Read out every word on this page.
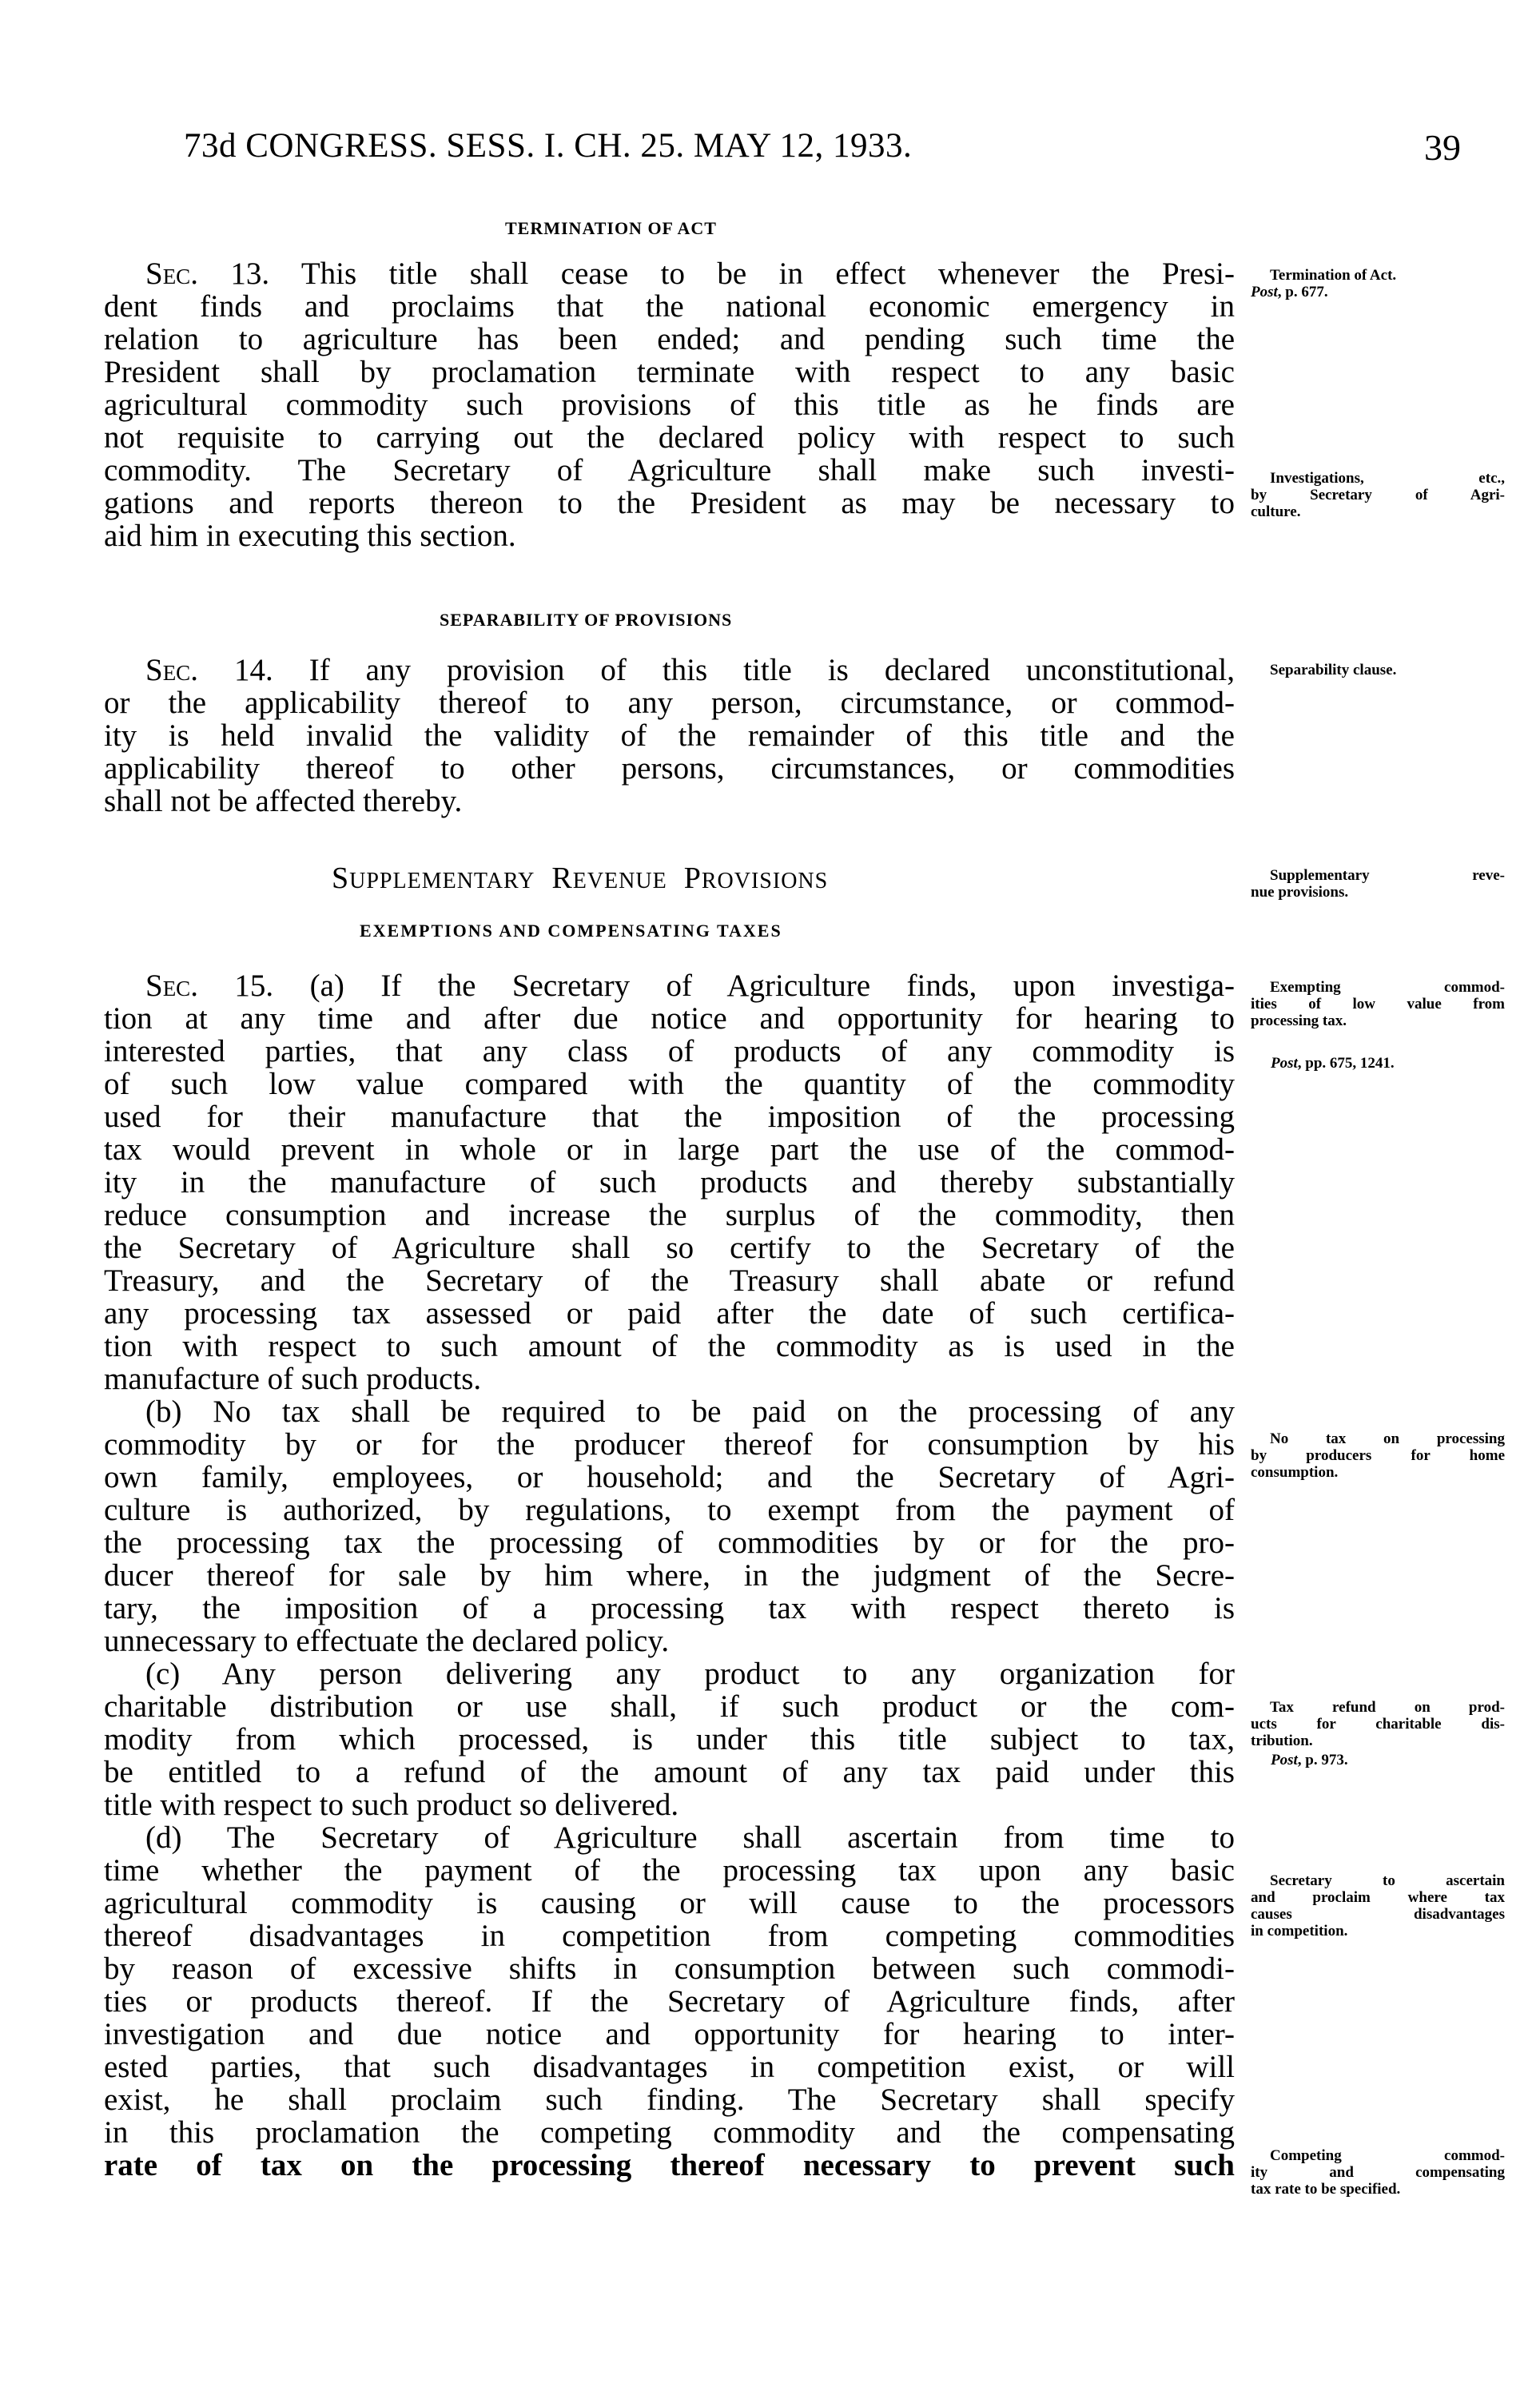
73d CONGRESS. SESS. I. CH. 25. MAY 12, 1933.	39
TERMINATION OF ACT
Sec. 13. This title shall cease to be in effect whenever the Presi-
dent finds and proclaims that the national economic emergency in
relation to agriculture has been ended; and pending such time the
President shall by proclamation terminate with respect to any basic
agricultural commodity such provisions of this title as he finds are
not requisite to carrying out the declared policy with respect to such
commodity. The Secretary of Agriculture shall make such investi-
gations and reports thereon to the President as may be necessary to
aid him in executing this section.
Termination of Act.
Post, p. 677.
Investigations, etc.,
by Secretary of Agri-
culture.
SEPARABILITY OF PROVISIONS
Sec. 14. If any provision of this title is declared unconstitutional,
or the applicability thereof to any person, circumstance, or commod-
ity is held invalid the validity of the remainder of this title and the
applicability thereof to other persons, circumstances, or commodities
shall not be affected thereby.
Separability clause.
SUPPLEMENTARY REVENUE PROVISIONS	Supplementary reve-
nue provisions.
EXEMPTIONS AND COMPENSATING TAXES
Sec. 15. (a) If the Secretary of Agriculture finds, upon investiga-
tion at any time and after due notice and opportunity for hearing to
interested parties, that any class of products of any commodity is
of such low value compared with the quantity of the commodity
used for their manufacture that the imposition of the processing
tax would prevent in whole or in large part the use of the commod-
ity in the manufacture of such products and thereby substantially
reduce consumption and increase the surplus of the commodity, then
the Secretary of Agriculture shall so certify to the Secretary of the
Treasury, and the Secretary of the Treasury shall abate or refund
any processing tax assessed or paid after the date of such certifica-
tion with respect to such amount of the commodity as is used in the
manufacture of such products.
(b) No tax shall be required to be paid on the processing of any
commodity by or for the producer thereof for consumption by his
own family, employees, or household; and the Secretary of Agri-
culture is authorized, by regulations, to exempt from the payment of
the processing tax the processing of commodities by or for the pro-
ducer thereof for sale by him where, in the judgment of the Secre-
tary, the imposition of a processing tax with respect thereto is
unnecessary to effectuate the declared policy.
(c) Any person delivering any product to any organization for
charitable distribution or use shall, if such product or the com-
modity from which processed, is under this title subject to tax,
be entitled to a refund of the amount of any tax paid under this
title with respect to such product so delivered.
(d) The Secretary of Agriculture shall ascertain from time to
time whether the payment of the processing tax upon any basic
agricultural commodity is causing or will cause to the processors
thereof disadvantages in competition from competing commodities
by reason of excessive shifts in consumption between such commodi-
ties or products thereof. If the Secretary of Agriculture finds, after
investigation and due notice and opportunity for hearing to inter-
ested parties, that such disadvantages in competition exist, or will
exist, he shall proclaim such finding. The Secretary shall specify
in this proclamation the competing commodity and the compensating
rate of tax on the processing thereof necessary to prevent such
Exempting commod-
ities of low value from
processing tax.
Post, pp. 675, 1241.
No tax on processing
by producers for home
consumption.
Tax refund on prod-
ucts for charitable dis-
tribution.
Post, p. 973.
Secretary to ascertain
and proclaim where tax
causes disadvantages
in competition.
Competing commod-
ity and compensating
tax rate to be specified.
